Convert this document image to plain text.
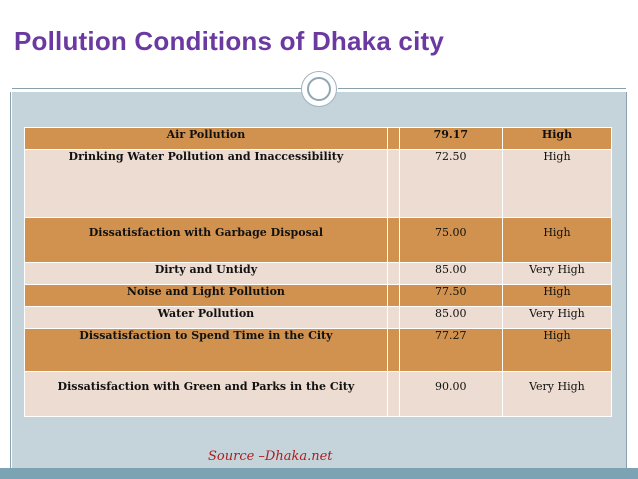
Pollution Conditions of Dhaka city
Air Pollution		79.17	High
Drinking Water Pollution and Inaccessibility		72.50	High
Dissatisfaction with Garbage Disposal		75.00	High
Dirty and Untidy		85.00	Very High
Noise and Light Pollution		77.50	High
Water Pollution		85.00	Very High
Dissatisfaction to Spend Time in the City		77.27	High
Dissatisfaction with Green and Parks in the City		90.00	Very High
Source –Dhaka.net
